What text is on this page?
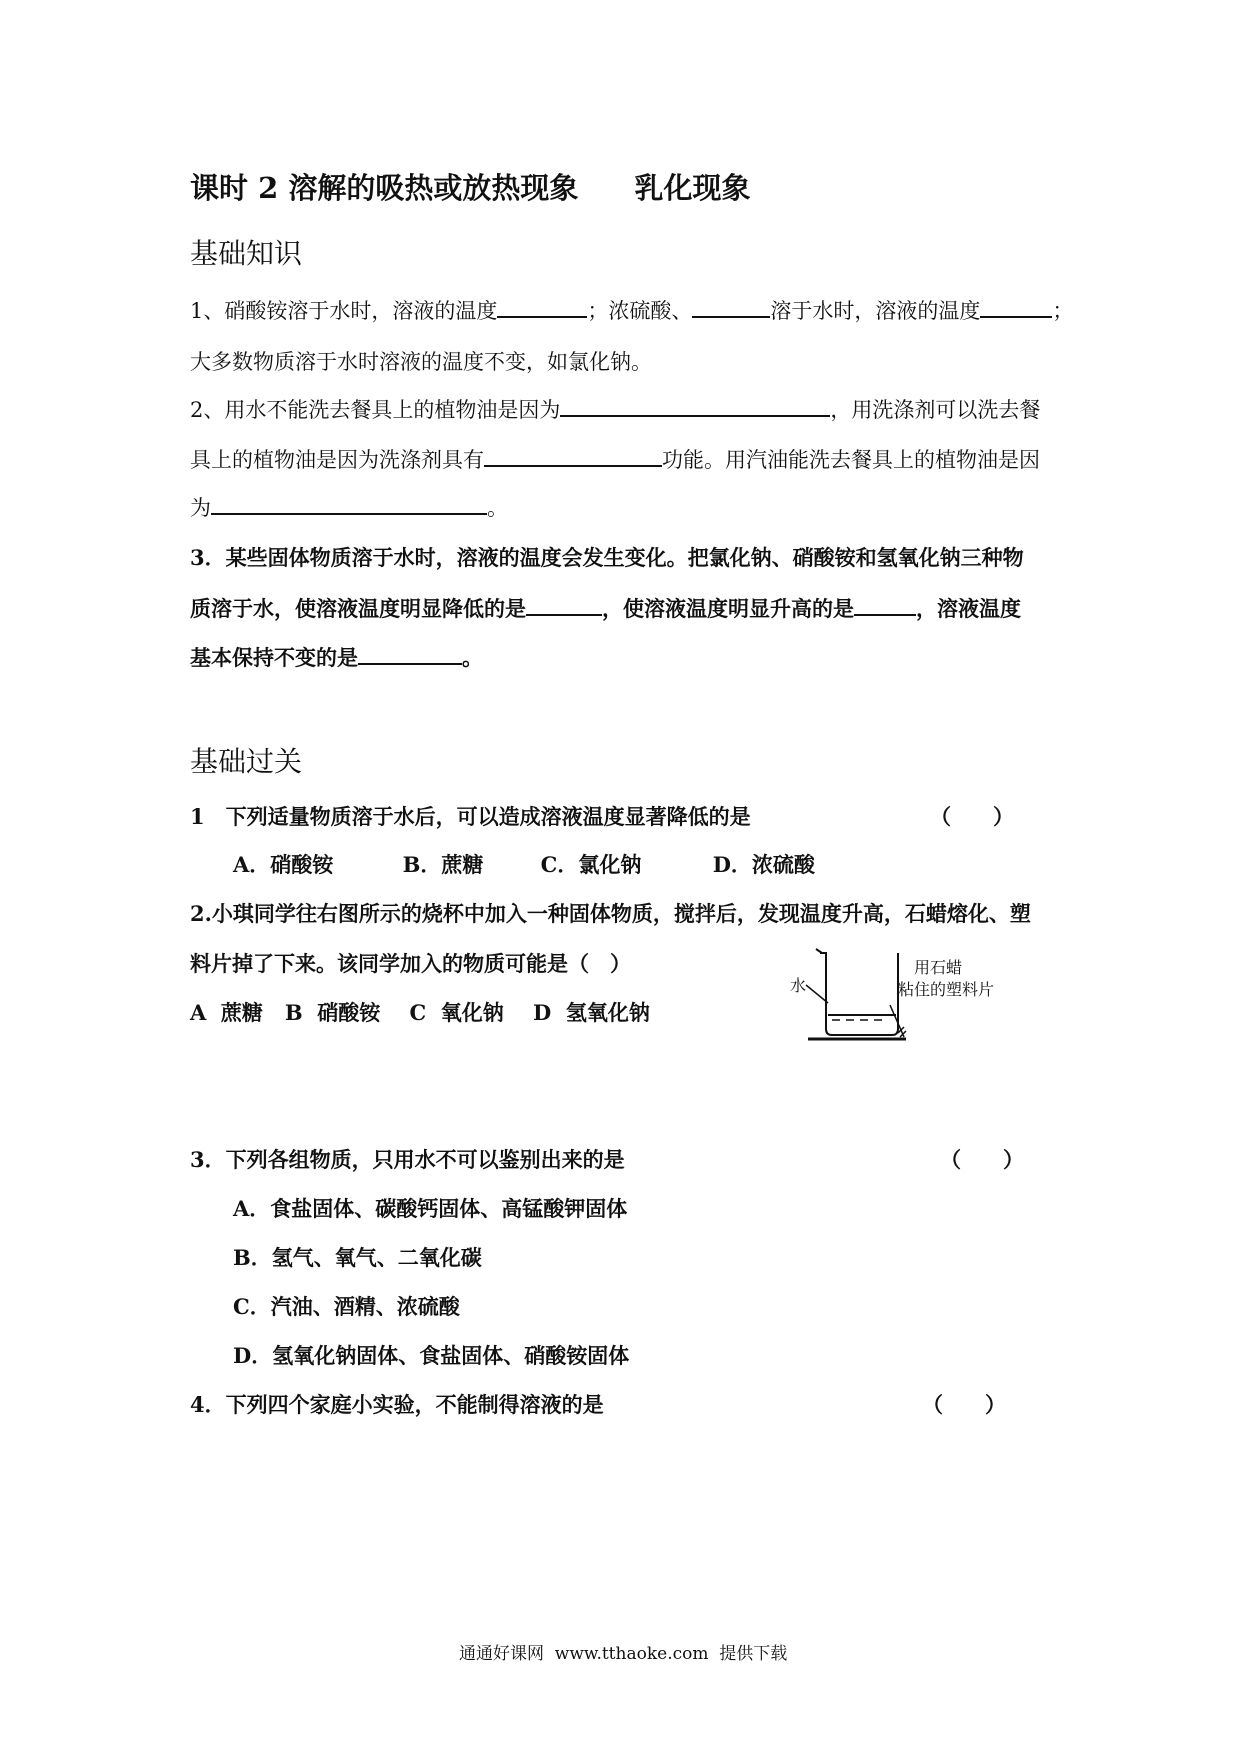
课时 2 溶解的吸热或放热现象 乳化现象
基础知识
1、硝酸铵溶于水时，溶液的温度	；浓硫酸、	溶于水时，溶液的温度	；
大多数物质溶于水时溶液的温度不变，如氯化钠。
2、用水不能洗去餐具上的植物油是因为	，用洗涤剂可以洗去餐
具上的植物油是因为洗涤剂具有	功能。用汽油能洗去餐具上的植物油是因
为	。
3．某些固体物质溶于水时，溶液的温度会发生变化。把氯化钠、硝酸铵和氢氧化钠三种物
质溶于水，使溶液温度明显降低的是	，使溶液温度明显升高的是	，溶液温度
基本保持不变的是	。
基础过关
1　下列适量物质溶于水后，可以造成溶液温度显著降低的是	（　　）
A．硝酸铵	B．蔗糖	C．氯化钠	D．浓硫酸
2.小琪同学往右图所示的烧杯中加入一种固体物质，搅拌后，发现温度升高，石蜡熔化、塑
料片掉了下来。该同学加入的物质可能是（　）
A  蔗糖   B  硝酸铵    C  氧化钠    D  氢氧化钠
水
用石蜡
粘住的塑料片
3．下列各组物质，只用水不可以鉴别出来的是	（　　）
A．食盐固体、碳酸钙固体、高锰酸钾固体
B．氢气、氧气、二氧化碳
C．汽油、酒精、浓硫酸
D．氢氧化钠固体、食盐固体、硝酸铵固体
4．下列四个家庭小实验，不能制得溶液的是	（　　）
通通好课网  www.tthaoke.com  提供下载
